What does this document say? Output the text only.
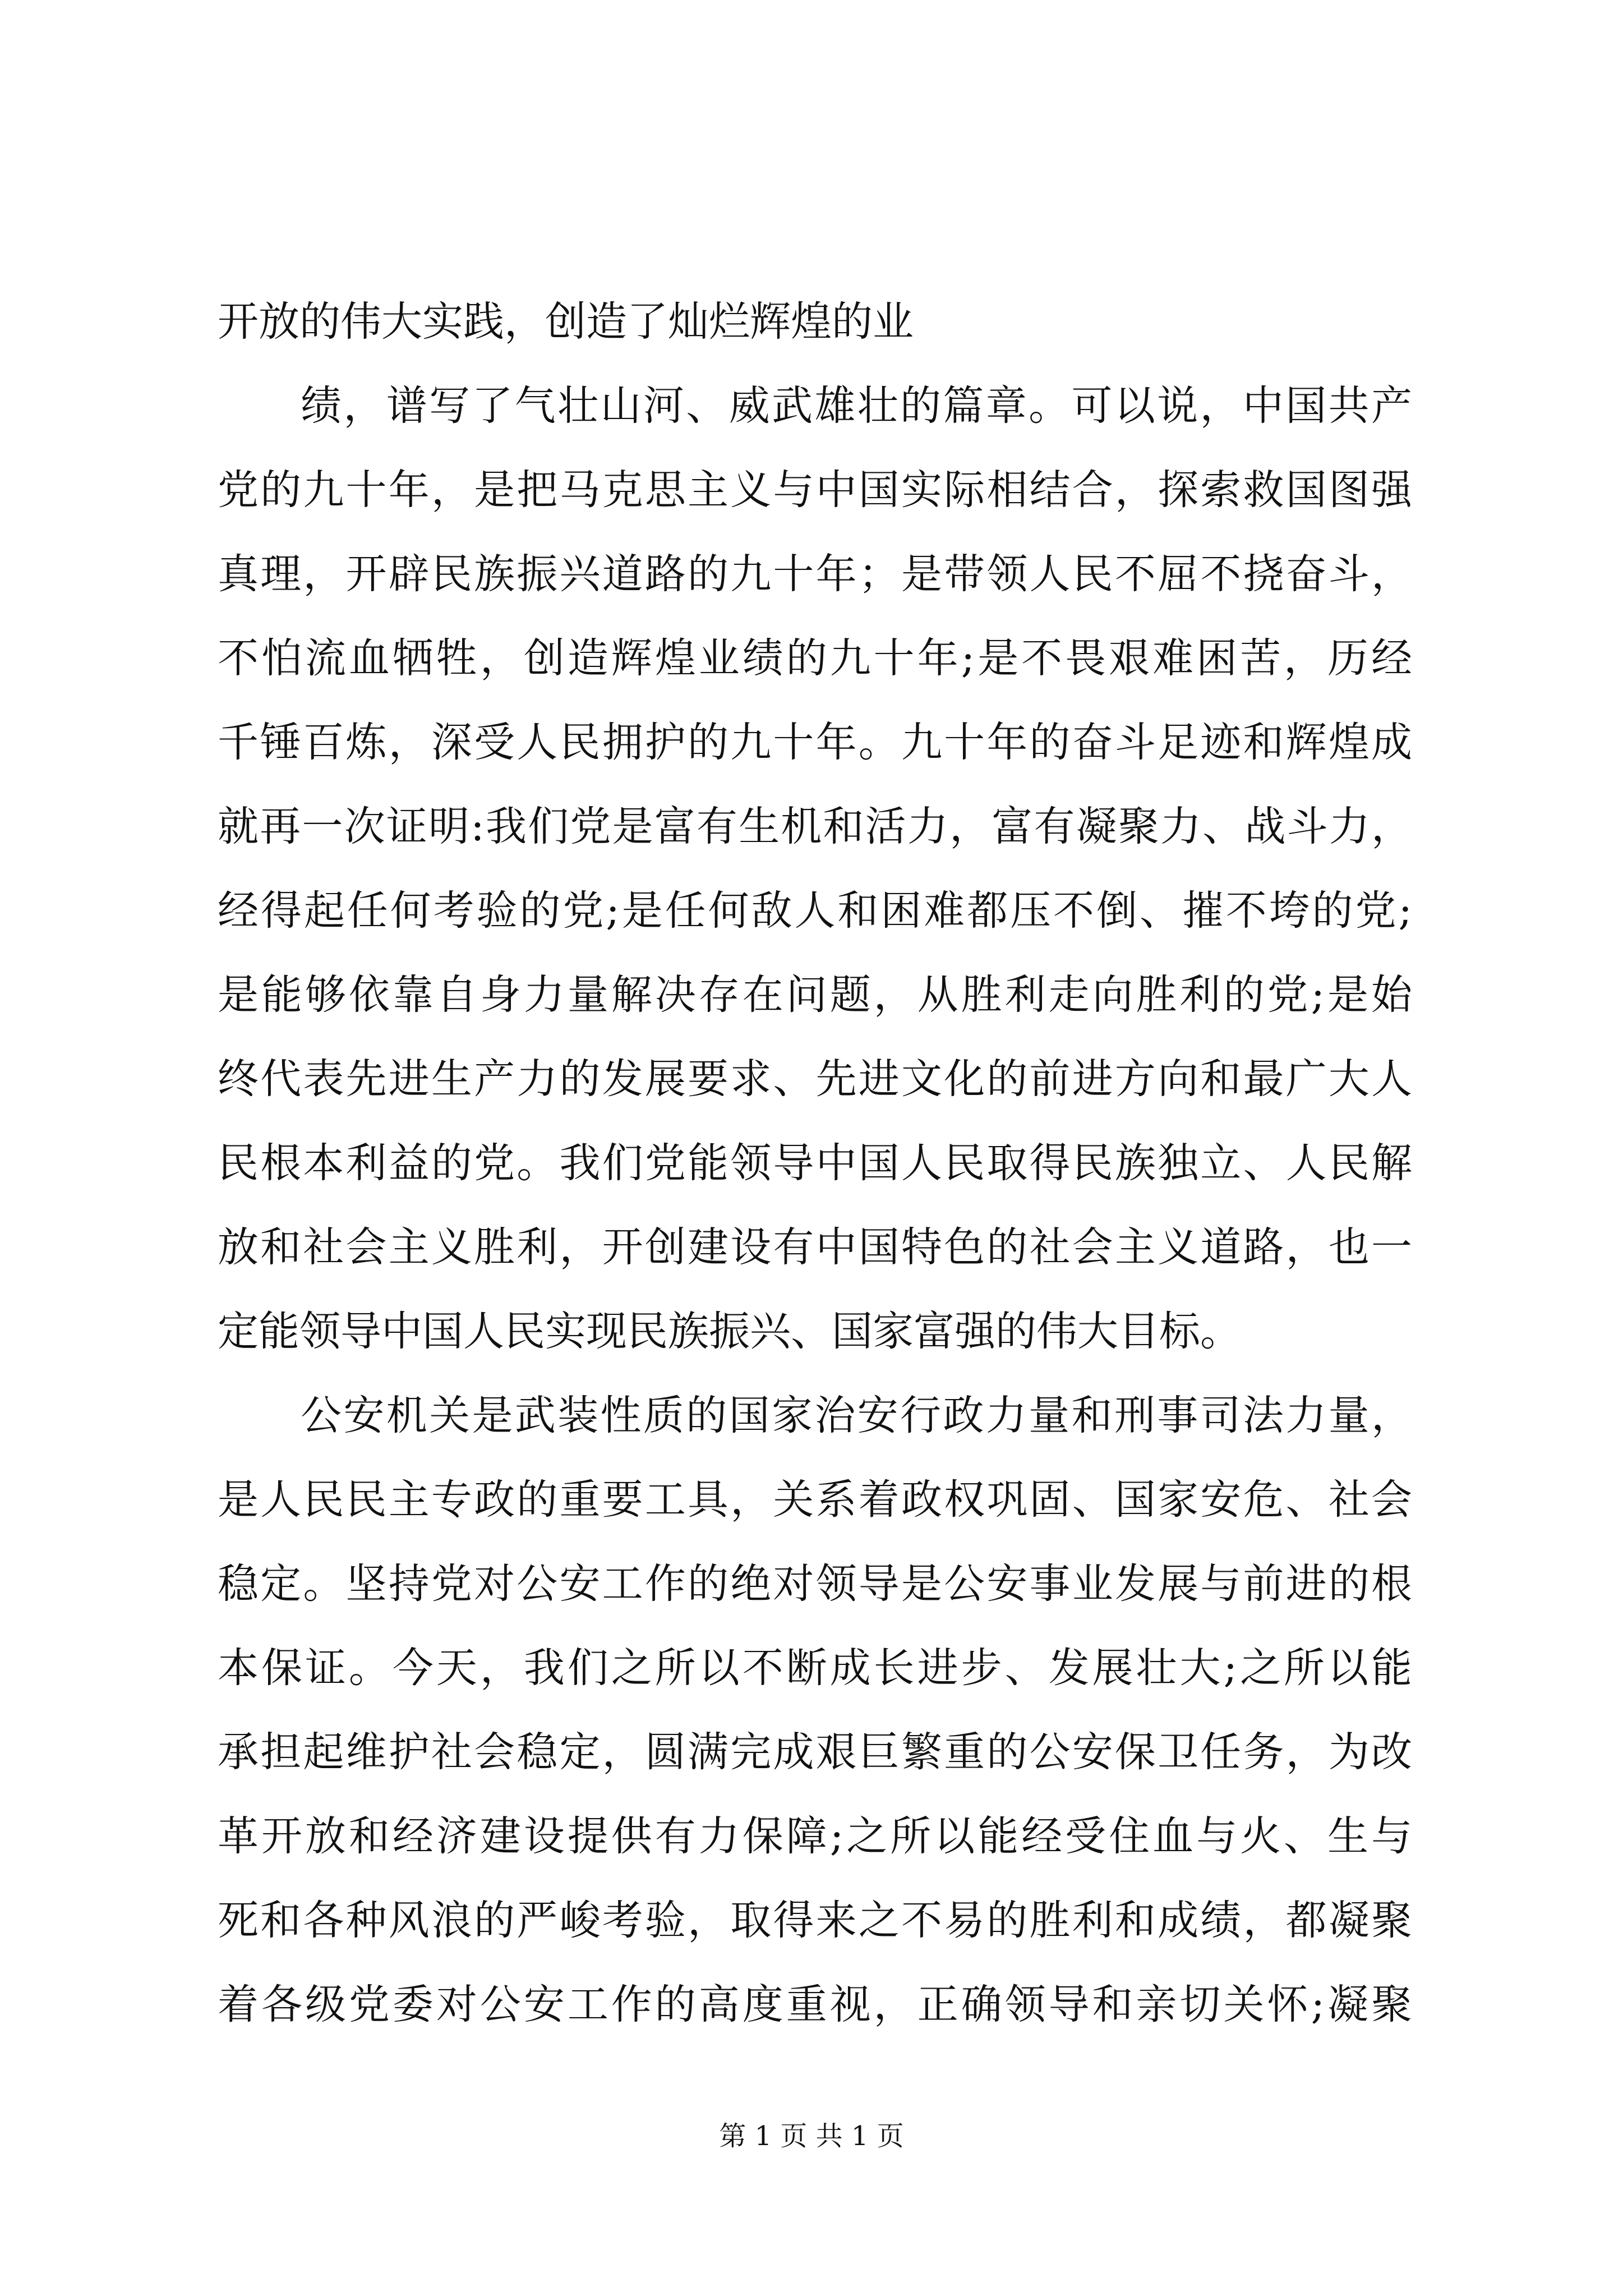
开放的伟大实践，创造了灿烂辉煌的业
绩，谱写了气壮山河、威武雄壮的篇章。可以说，中国共产
党的九十年，是把马克思主义与中国实际相结合，探索救国图强
真理，开辟民族振兴道路的九十年；是带领人民不屈不挠奋斗，
不怕流血牺牲，创造辉煌业绩的九十年;是不畏艰难困苦，历经
千锤百炼，深受人民拥护的九十年。九十年的奋斗足迹和辉煌成
就再一次证明:我们党是富有生机和活力，富有凝聚力、战斗力，
经得起任何考验的党;是任何敌人和困难都压不倒、摧不垮的党;
是能够依靠自身力量解决存在问题，从胜利走向胜利的党;是始
终代表先进生产力的发展要求、先进文化的前进方向和最广大人
民根本利益的党。我们党能领导中国人民取得民族独立、人民解
放和社会主义胜利，开创建设有中国特色的社会主义道路，也一
定能领导中国人民实现民族振兴、国家富强的伟大目标。
公安机关是武装性质的国家治安行政力量和刑事司法力量，
是人民民主专政的重要工具，关系着政权巩固、国家安危、社会
稳定。坚持党对公安工作的绝对领导是公安事业发展与前进的根
本保证。今天，我们之所以不断成长进步、发展壮大;之所以能
承担起维护社会稳定，圆满完成艰巨繁重的公安保卫任务，为改
革开放和经济建设提供有力保障;之所以能经受住血与火、生与
死和各种风浪的严峻考验，取得来之不易的胜利和成绩，都凝聚
着各级党委对公安工作的高度重视，正确领导和亲切关怀;凝聚
第 1 页 共 1 页
